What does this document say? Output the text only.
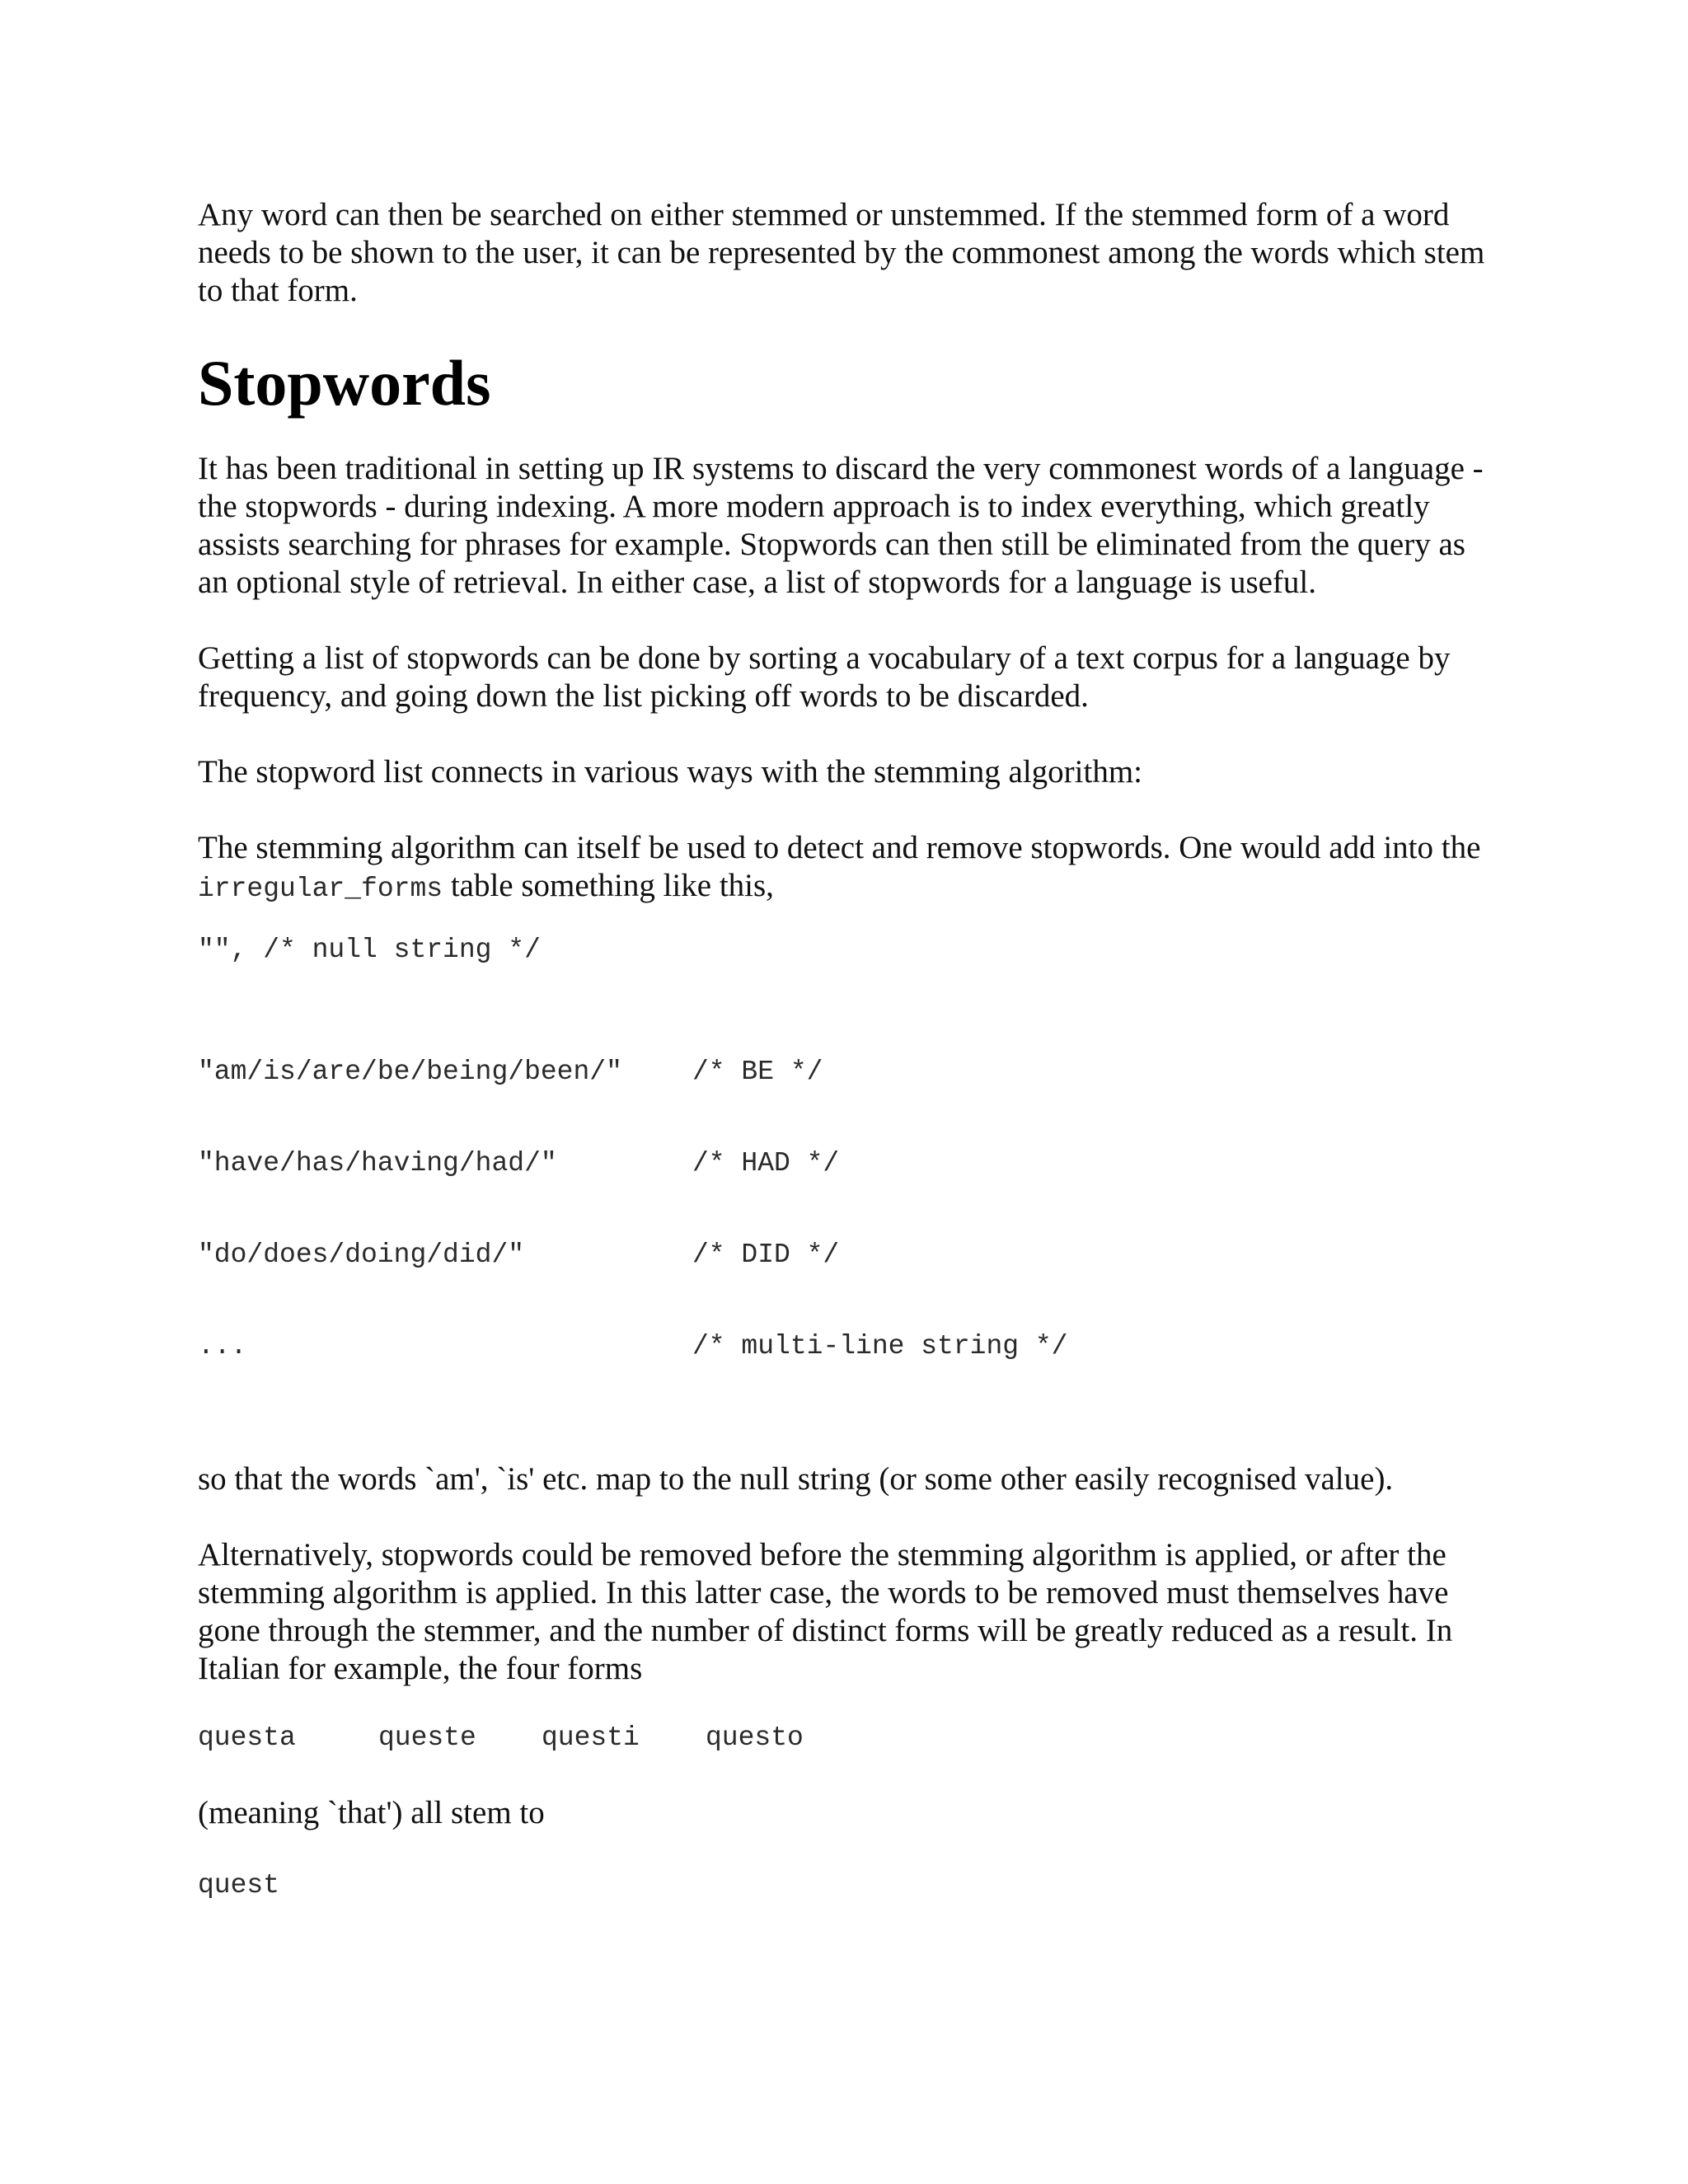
Any word can then be searched on either stemmed or unstemmed. If the stemmed form of a word needs to be shown to the user, it can be represented by the commonest among the words which stem to that form.

Stopwords

It has been traditional in setting up IR systems to discard the very commonest words of a language - the stopwords - during indexing. A more modern approach is to index everything, which greatly assists searching for phrases for example. Stopwords can then still be eliminated from the query as an optional style of retrieval. In either case, a list of stopwords for a language is useful.

Getting a list of stopwords can be done by sorting a vocabulary of a text corpus for a language by frequency, and going down the list picking off words to be discarded.

The stopword list connects in various ways with the stemming algorithm:

The stemming algorithm can itself be used to detect and remove stopwords. One would add into the irregular_forms table something like this,

"", /* null string */

"am/is/are/be/being/been/"	/* BE */

"have/has/having/had/"	/* HAD */

"do/does/doing/did/"	/* DID */

...	/* multi-line string */

so that the words `am', `is' etc. map to the null string (or some other easily recognised value).

Alternatively, stopwords could be removed before the stemming algorithm is applied, or after the stemming algorithm is applied. In this latter case, the words to be removed must themselves have gone through the stemmer, and the number of distinct forms will be greatly reduced as a result. In Italian for example, the four forms

questa	queste	questi	questo

(meaning `that') all stem to

quest
